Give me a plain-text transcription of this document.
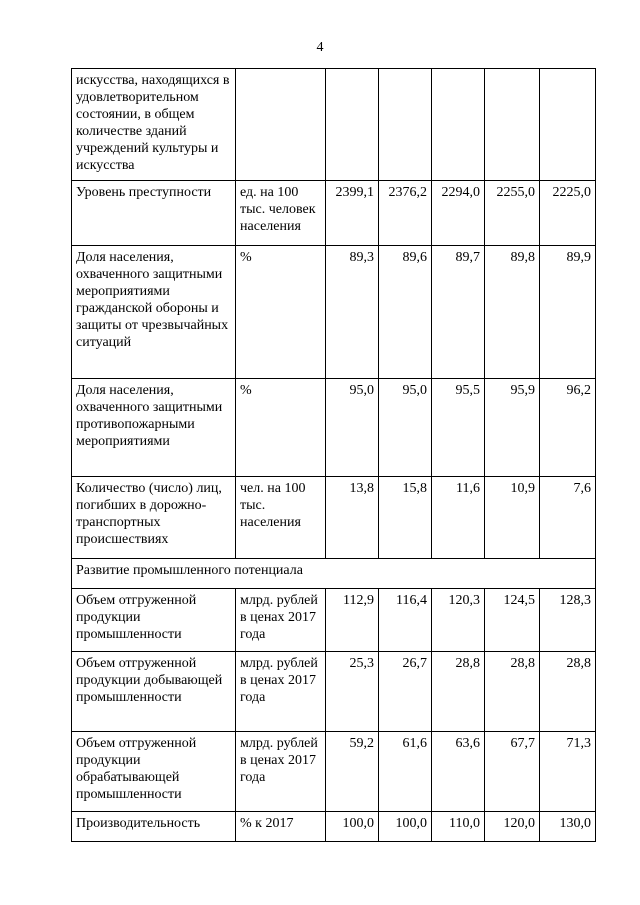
4
искусства, находящихся в удовлетворительном состоянии, в общем количестве зданий учреждений культуры и искусства						
Уровень преступности	ед. на 100 тыс. человек населения	2399,1	2376,2	2294,0	2255,0	2225,0
Доля населения, охваченного защитными мероприятиями гражданской обороны и защиты от чрезвычайных ситуаций	%	89,3	89,6	89,7	89,8	89,9
Доля населения, охваченного защитными противопожарными мероприятиями	%	95,0	95,0	95,5	95,9	96,2
Количество (число) лиц, погибших в дорожно-транспортных происшествиях	чел. на 100 тыс. населения	13,8	15,8	11,6	10,9	7,6
Развитие промышленного потенциала						
Объем отгруженной продукции промышленности	млрд. рублей в ценах 2017 года	112,9	116,4	120,3	124,5	128,3
Объем отгруженной продукции добывающей промышленности	млрд. рублей в ценах 2017 года	25,3	26,7	28,8	28,8	28,8
Объем отгруженной продукции обрабатывающей промышленности	млрд. рублей в ценах 2017 года	59,2	61,6	63,6	67,7	71,3
Производительность	% к 2017	100,0	100,0	110,0	120,0	130,0
